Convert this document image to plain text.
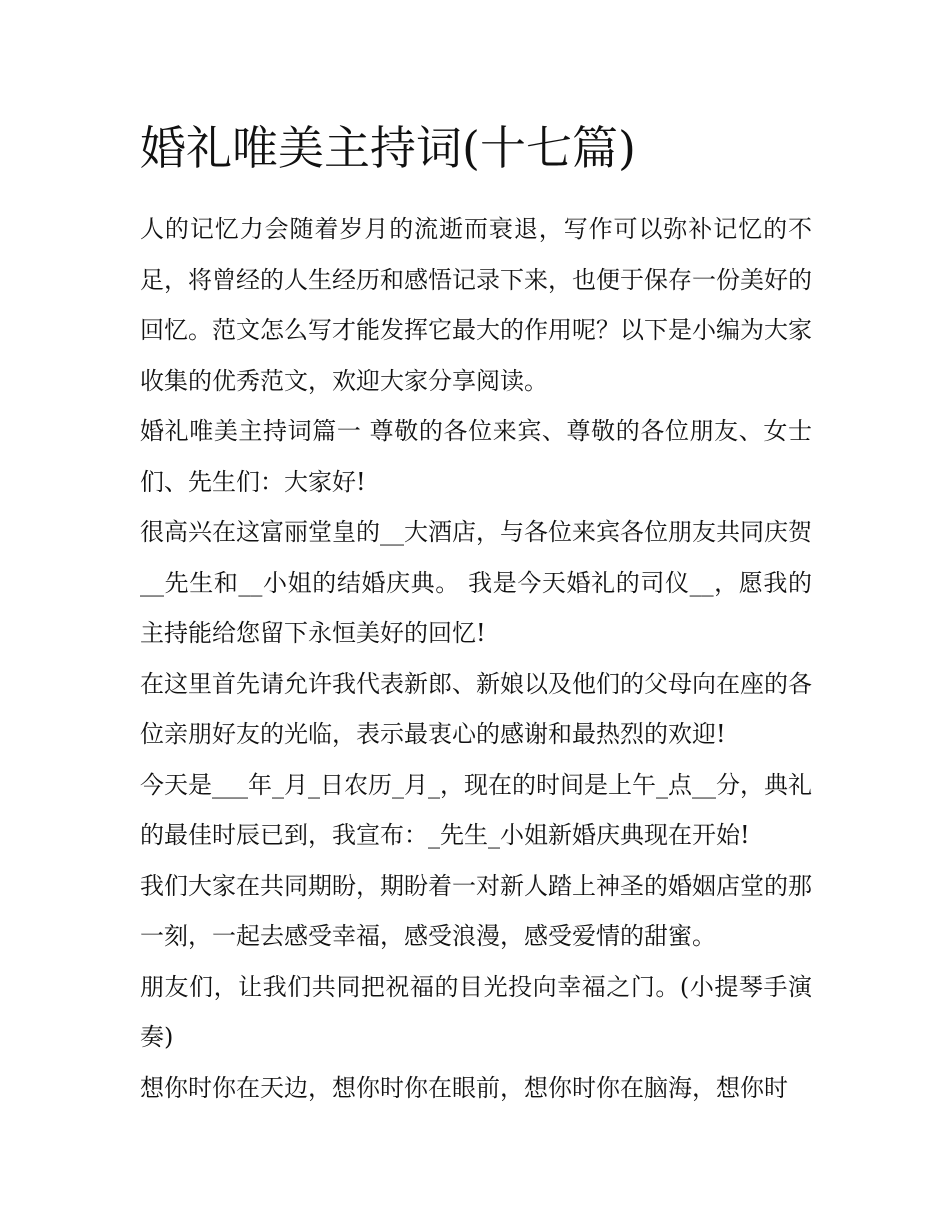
婚礼唯美主持词(十七篇)

人的记忆力会随着岁月的流逝而衰退，写作可以弥补记忆的不足，将曾经的人生经历和感悟记录下来，也便于保存一份美好的回忆。范文怎么写才能发挥它最大的作用呢？以下是小编为大家收集的优秀范文，欢迎大家分享阅读。

婚礼唯美主持词篇一 尊敬的各位来宾、尊敬的各位朋友、女士们、先生们：大家好!

很高兴在这富丽堂皇的__大酒店，与各位来宾各位朋友共同庆贺__先生和__小姐的结婚庆典。 我是今天婚礼的司仪__，愿我的主持能给您留下永恒美好的回忆!

在这里首先请允许我代表新郎、新娘以及他们的父母向在座的各位亲朋好友的光临，表示最衷心的感谢和最热烈的欢迎!

今天是___年_月_日农历_月_，现在的时间是上午_点__分，典礼的最佳时辰已到，我宣布：_先生_小姐新婚庆典现在开始!

我们大家在共同期盼，期盼着一对新人踏上神圣的婚姻店堂的那一刻，一起去感受幸福，感受浪漫，感受爱情的甜蜜。

朋友们，让我们共同把祝福的目光投向幸福之门。(小提琴手演奏)

想你时你在天边，想你时你在眼前，想你时你在脑海，想你时
